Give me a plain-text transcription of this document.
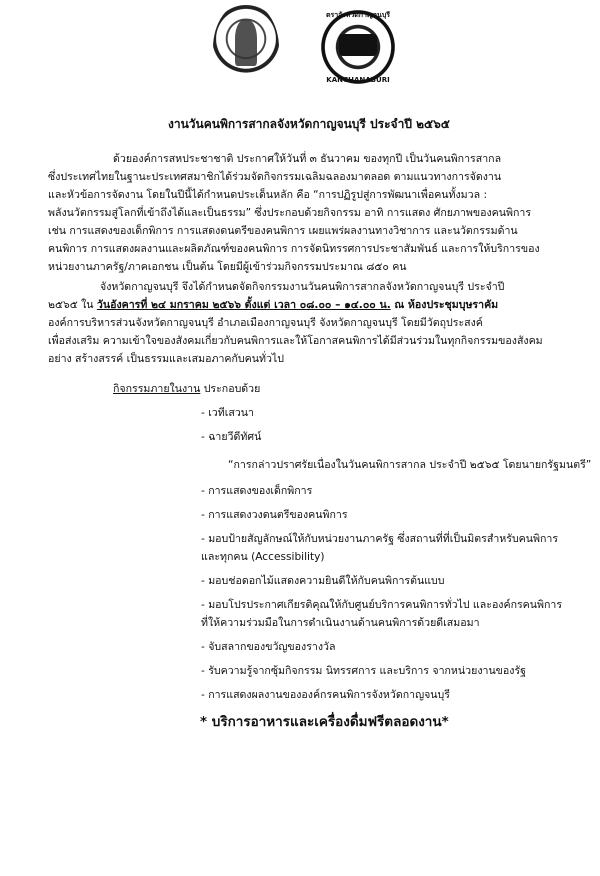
ตราจังหวัดกาญจนบุรี
KANCHANABURI
งานวันคนพิการสากลจังหวัดกาญจนบุรี ประจำปี ๒๕๖๕
ด้วยองค์การสหประชาชาติ ประกาศให้วันที่ ๓ ธันวาคม ของทุกปี เป็นวันคนพิการสากล
ซึ่งประเทศไทยในฐานะประเทศสมาชิกได้ร่วมจัดกิจกรรมเฉลิมฉลองมาตลอด ตามแนวทางการจัดงาน
และหัวข้อการจัดงาน โดยในปีนี้ได้กำหนดประเด็นหลัก คือ “การปฏิรูปสู่การพัฒนาเพื่อคนทั้งมวล :
พลังนวัตกรรมสู่โลกที่เข้าถึงได้และเป็นธรรม” ซึ่งประกอบด้วยกิจกรรม อาทิ การแสดง ศักยภาพของคนพิการ
เช่น การแสดงของเด็กพิการ การแสดงดนตรีของคนพิการ เผยแพร่ผลงานทางวิชาการ และนวัตกรรมด้าน
คนพิการ การแสดงผลงานและผลิตภัณฑ์ของคนพิการ การจัดนิทรรศการประชาสัมพันธ์ และการให้บริการของ
หน่วยงานภาครัฐ/ภาคเอกชน เป็นต้น โดยมีผู้เข้าร่วมกิจกรรมประมาณ ๘๕๐ คน
จังหวัดกาญจนบุรี จึงได้กำหนดจัดกิจกรรมงานวันคนพิการสากลจังหวัดกาญจนบุรี ประจำปี
๒๕๖๕ ใน วันอังคารที่ ๒๔ มกราคม ๒๕๖๖ ตั้งแต่ เวลา ๐๘.๐๐ – ๑๔.๐๐ น. ณ ห้องประชุมบุษราคัม
องค์การบริหารส่วนจังหวัดกาญจนบุรี อำเภอเมืองกาญจนบุรี จังหวัดกาญจนบุรี โดยมีวัตถุประสงค์
เพื่อส่งเสริม ความเข้าใจของสังคมเกี่ยวกับคนพิการและให้โอกาสคนพิการได้มีส่วนร่วมในทุกกิจกรรมของสังคม
อย่าง สร้างสรรค์ เป็นธรรมและเสมอภาคกับคนทั่วไป
กิจกรรมภายในงาน ประกอบด้วย
- เวทีเสวนา
- ฉายวีดีทัศน์
“การกล่าวปราศรัยเนื่องในวันคนพิการสากล ประจำปี ๒๕๖๕ โดยนายกรัฐมนตรี”
- การแสดงของเด็กพิการ
- การแสดงวงดนตรีของคนพิการ
- มอบป้ายสัญลักษณ์ให้กับหน่วยงานภาครัฐ ซึ่งสถานที่ที่เป็นมิตรสำหรับคนพิการ
และทุกคน (Accessibility)
- มอบช่อดอกไม้แสดงความยินดีให้กับคนพิการต้นแบบ
- มอบโปรประกาศเกียรติคุณให้กับศูนย์บริการคนพิการทั่วไป และองค์กรคนพิการ
ที่ให้ความร่วมมือในการดำเนินงานด้านคนพิการด้วยดีเสมอมา
- จับสลากของขวัญของรางวัล
- รับความรู้จากซุ้มกิจกรรม นิทรรศการ และบริการ จากหน่วยงานของรัฐ
- การแสดงผลงานขององค์กรคนพิการจังหวัดกาญจนบุรี
* บริการอาหารและเครื่องดื่มฟรีตลอดงาน*
